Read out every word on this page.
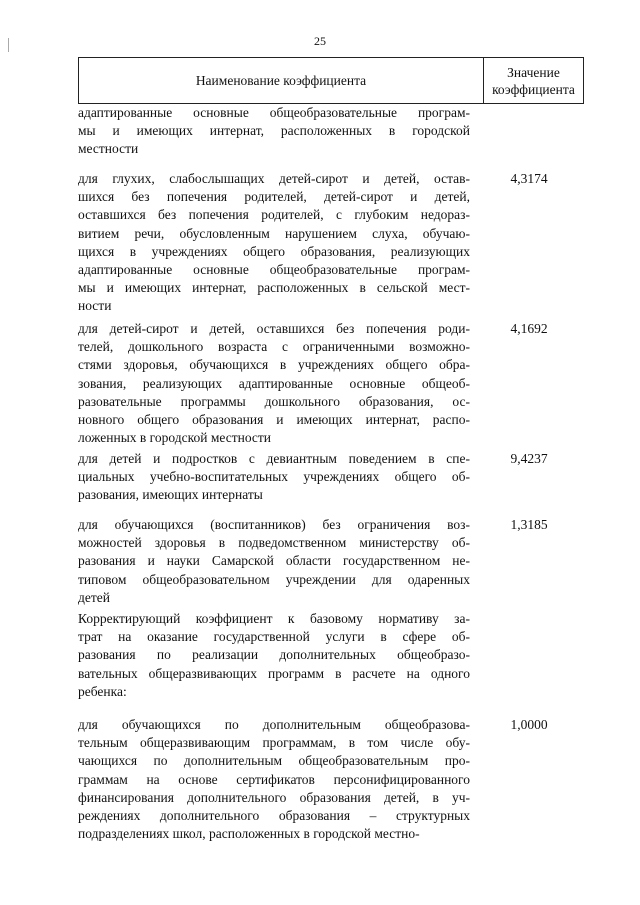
25
Наименование коэффициента
Значение
коэффициента
адаптированные основные общеобразовательные програм-
мы и имеющих интернат, расположенных в городской
местности
для глухих, слабослышащих детей-сирот и детей, остав-
шихся без попечения родителей, детей-сирот и детей,
оставшихся без попечения родителей, с глубоким недораз-
витием речи, обусловленным нарушением слуха, обучаю-
щихся в учреждениях общего образования, реализующих
адаптированные основные общеобразовательные програм-
мы и имеющих интернат, расположенных в сельской мест-
ности
4,3174
для детей-сирот и детей, оставшихся без попечения роди-
телей, дошкольного возраста с ограниченными возможно-
стями здоровья, обучающихся в учреждениях общего обра-
зования, реализующих адаптированные основные общеоб-
разовательные программы дошкольного образования, ос-
новного общего образования и имеющих интернат, распо-
ложенных в городской местности
4,1692
для детей и подростков с девиантным поведением в спе-
циальных учебно-воспитательных учреждениях общего об-
разования, имеющих интернаты
9,4237
для обучающихся (воспитанников) без ограничения воз-
можностей здоровья в подведомственном министерству об-
разования и науки Самарской области государственном не-
типовом общеобразовательном учреждении для одаренных
детей
1,3185
Корректирующий коэффициент к базовому нормативу за-
трат на оказание государственной услуги в сфере об-
разования по реализации дополнительных общеобразо-
вательных общеразвивающих программ в расчете на одного
ребенка:
для обучающихся по дополнительным общеобразова-
тельным общеразвивающим программам, в том числе обу-
чающихся по дополнительным общеобразовательным про-
граммам на основе сертификатов персонифицированного
финансирования дополнительного образования детей, в уч-
реждениях дополнительного образования – структурных
подразделениях школ, расположенных в городской местно-
1,0000
